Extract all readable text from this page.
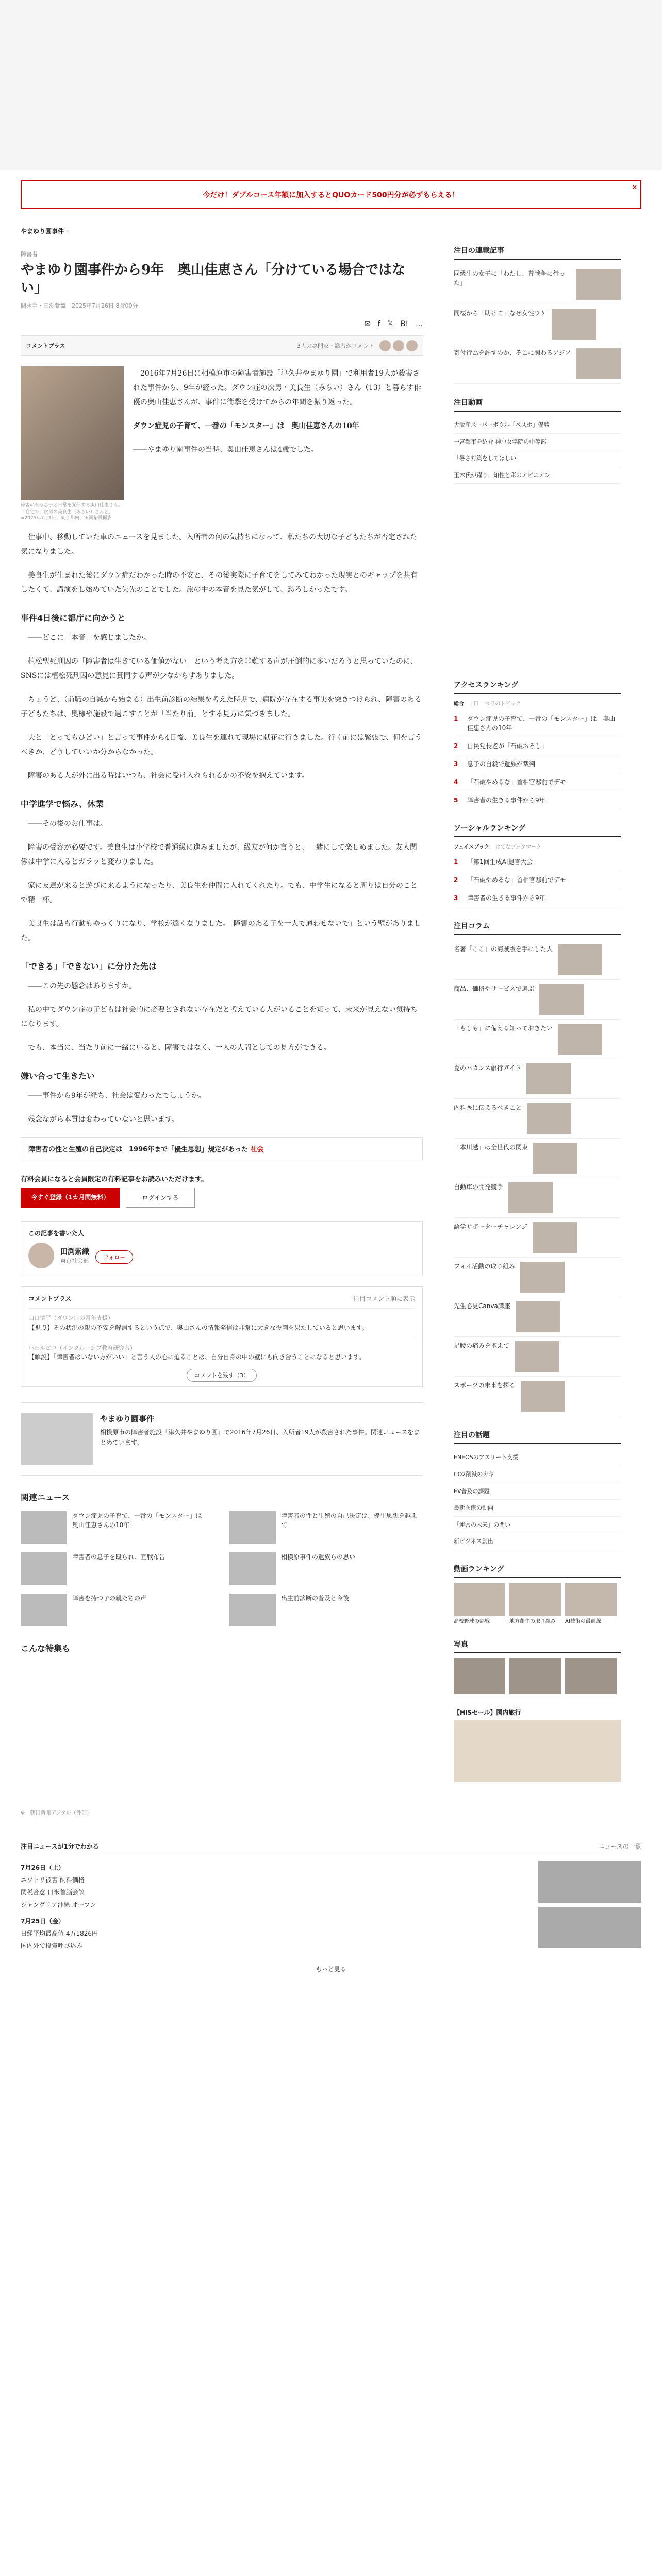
今だけ！ダブルコース年額に加入するとQUOカード500円分が必ずもらえる！
×
やまゆり園事件 ›
障害者
やまゆり園事件から9年　奥山佳恵さん「分けている場合ではない」
聞き手・田渕紫織　2025年7月26日 8時00分
✉ f 𝕏 B! …
コメントプラス	3人の専門家・識者がコメント
障害の有る息子と日常を発信する奥山佳恵さん。「自宅で、次男の美良生（みらい）さんと」=2025年7月1日、東京都内、田渕紫織撮影

　2016年7月26日に相模原市の障害者施設「津久井やまゆり園」で利用者19人が殺害された事件から、9年が経った。ダウン症の次男・美良生（みらい）さん（13）と暮らす俳優の奥山佳恵さんが、事件に衝撃を受けてからの年間を振り返った。

ダウン症児の子育て、一番の「モンスター」は　奥山佳恵さんの10年

――やまゆり園事件の当時、奥山佳恵さんは4歳でした。

　仕事中、移動していた車のニュースを見ました。入所者の何の気持ちになって、私たちの大切な子どもたちが否定された気になりました。

　美良生が生まれた後にダウン症だわかった時の不安と、その後実際に子育てをしてみてわかった現実とのギャップを共有したくて、講演をし始めていた矢先のことでした。旅の中の本音を見た気がして、恐ろしかったです。

事件4日後に都庁に向かうと

　――どこに「本音」を感じましたか。

　植松聖死刑囚の「障害者は生きている価値がない」という考え方を非難する声が圧倒的に多いだろうと思っていたのに、SNSには植松死刑囚の意見に賛同する声が少なからずありました。

　ちょうど、（前職の自滅から始まる）出生前診断の結果を考えた時期で、病院が存在する事実を突きつけられ、障害のある子どもたちは、奥様や施設で過ごすことが「当たり前」とする見方に気づきました。

　夫と「とってもひどい」と言って事件から4日後、美良生を連れて現場に献花に行きました。行く前には緊張で、何を言うべきか、どうしていいか分からなかった。

　障害のある人が外に出る時はいつも、社会に受け入れられるかの不安を抱えています。

中学進学で悩み、休業

　――その後のお仕事は。

　障害の受容が必要です。美良生は小学校で普通級に進みましたが、級友が何か言うと、一緒にして楽しめました。友人関係は中学に入るとガラッと変わりました。

　家に友達が来ると遊びに来るようになったり、美良生を仲間に入れてくれたり。でも、中学生になると周りは自分のことで精一杯。

　美良生は話も行動もゆっくりになり、学校が遠くなりました。「障害のある子を一人で通わせないで」という壁がありました。

「できる」「できない」に分けた先は

　――この先の懸念はありますか。

　私の中でダウン症の子どもは社会的に必要とされない存在だと考えている人がいることを知って、未来が見えない気持ちになります。

　でも、本当に、当たり前に一緒にいると、障害ではなく、一人の人間としての見方ができる。

嫌い合って生きたい

　――事件から9年が経ち、社会は変わったでしょうか。

　残念ながら本質は変わっていないと思います。

障害者の性と生殖の自己決定は　1996年まで「優生思想」規定があった 社会
有料会員になると会員限定の有料記事をお読みいただけます。
今すぐ登録（1カ月間無料）	ログインする
この記事を書いた人
田渕紫織
東京社会部
フォロー
コメントプラス	注目コメント順に表示
山口慎平（ダウン症の青年支援）
【視点】その状況の親の不安を解消するという点で、奥山さんの情報発信は非常に大きな役割を果たしていると思います。
小田ルビコ（インクルーシブ教育研究者）
【解説】「障害者はいない方がいい」と言う人の心に迫ることは、自分自身の中の壁にも向き合うことになると思います。
コメントを残す（3）
やまゆり園事件
相模原市の障害者施設「津久井やまゆり園」で2016年7月26日、入所者19人が殺害された事件。関連ニュースをまとめています。
関連ニュース
ダウン症児の子育て、一番の「モンスター」は　奥山佳恵さんの10年
障害者の性と生殖の自己決定は、優生思想を越えて
障害者の息子を殴られ、宣戦布告	相模原事件の遺族らの思い
障害を持つ子の親たちの声	出生前診断の普及と今後
こんな特集も
※　朝日新聞デジタル（外部）
注目の連載記事
同級生の女子に「わたし、昔戦争に行った」
同棲から「助けて」なぜ女性ウケ
寄付行為を許すのか、そこに関わるアジア
注目動画
大阪産スーパーボウル「ベスポ」優勝
一宮都市を紹介 神戸女学院の中等部
「暑さ対策をしてほしい」
玉木氏が躍り、知性と彩のオピニオン
アクセスランキング
総合 1日 今日のトピック
1	ダウン症児の子育て、一番の「モンスター」は　奥山佳恵さんの10年
2	自民党長老が「石破おろし」
3	息子の自殺で遺族が裁判
4	「石破やめるな」首相官邸前でデモ
5	障害者の生きる事件から9年
ソーシャルランキング
フェイスブック はてなブックマーク
1	「第1回生成AI提言大会」
2	「石破やめるな」首相官邸前でデモ
3	障害者の生きる事件から9年
注目コラム
名著「ここ」の海賊版を手にした人
商品、価格やサービスで選ぶ
「もしも」に備える知っておきたい
夏のバカンス旅行ガイド
内科医に伝えるべきこと
「本川越」は全世代の関東
自動車の開発競争
語学サポーターチャレンジ
フォイ活動の取り組み
先生必見Canva講座
足腰の痛みを抱えて
スポーツの未来を探る
注目の話題
ENEOSのアスリート支援
CO2削減のカギ
EV普及の課題
最新医療の動向
「運営の未来」の問い
新ビジネス創出
動画ランキング
高校野球の熱戦	地方創生の取り組み	AI技術の最前線
写真
【HISセール】国内旅行
注目ニュースが1分でわかる	ニュースの一覧
7月26日（土）
ニワトリ被害 飼料価格
関税合意 日米首脳会談
ジャングリア沖縄 オープン
7月25日（金）
日経平均最高値 4万1826円
国内外で投資呼び込み
もっと見る
